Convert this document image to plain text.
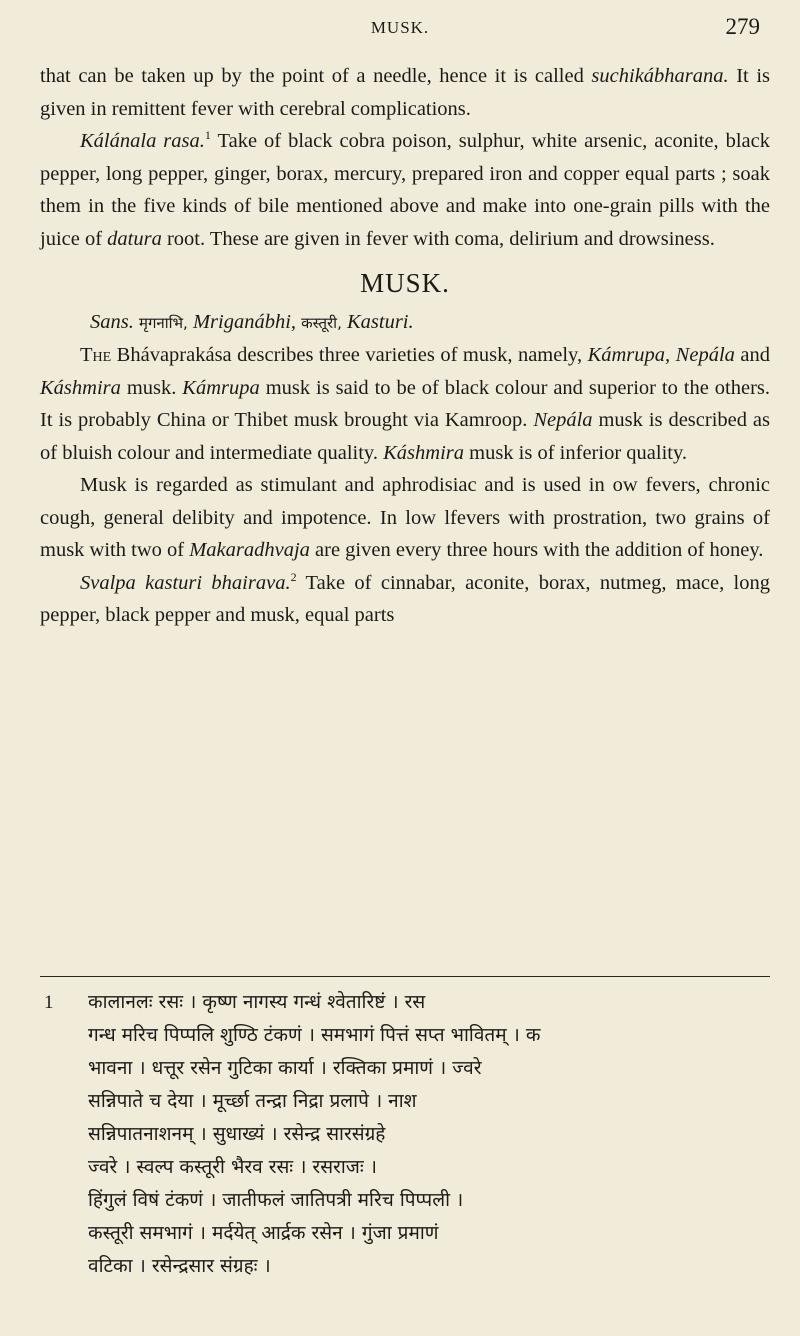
MUSK.	279

that can be taken up by the point of a needle, hence it is called suchikábharana. It is given in remittent fever with cerebral complications.

Kálánala rasa.$^1$ Take of black cobra poison, sulphur, white arsenic, aconite, black pepper, long pepper, ginger, borax, mercury, prepared iron and copper equal parts ; soak them in the five kinds of bile mentioned above and make into one-grain pills with the juice of datura root. These are given in fever with coma, delirium and drowsiness.

MUSK.

Sans. मृगनाभि, Mriganábhi, कस्तूरी, Kasturi.

The Bhávaprakása describes three varieties of musk, namely, Kámrupa, Nepála and Káshmira musk. Kámrupa musk is said to be of black colour and superior to the others. It is probably China or Thibet musk brought via Kamroop. Nepála musk is described as of bluish colour and intermediate quality. Káshmira musk is of inferior quality.

Musk is regarded as stimulant and aphrodisiac and is used in ow fevers, chronic cough, general delibity and impotence. In low lfevers with prostration, two grains of musk with two of Makaradhvaja are given every three hours with the addition of honey.

Svalpa kasturi bhairava.$^2$ Take of cinnabar, aconite, borax, nutmeg, mace, long pepper, black pepper and musk, equal parts

1	कालानलः रसः । कृष्ण नागस्य गन्धं श्वेतारिष्टं । रस
गन्ध मरिच पिप्पलि शुण्ठि टंकणं । समभागं पित्तं सप्त भावितम् । क
भावना । धत्तूर रसेन गुटिका कार्या । रक्तिका प्रमाणं । ज्वरे
सन्निपाते च देया । मूर्च्छा तन्द्रा निद्रा प्रलापे । नाश
सन्निपातनाशनम् । सुधाख्यं । रसेन्द्र सारसंग्रहे
ज्वरे । स्वल्प कस्तूरी भैरव रसः । रसराजः ।
हिंगुलं विषं टंकणं । जातीफलं जातिपत्री मरिच पिप्पली ।
कस्तूरी समभागं । मर्दयेत् आर्द्रक रसेन । गुंजा प्रमाणं
वटिका । रसेन्द्रसार संग्रहः ।
